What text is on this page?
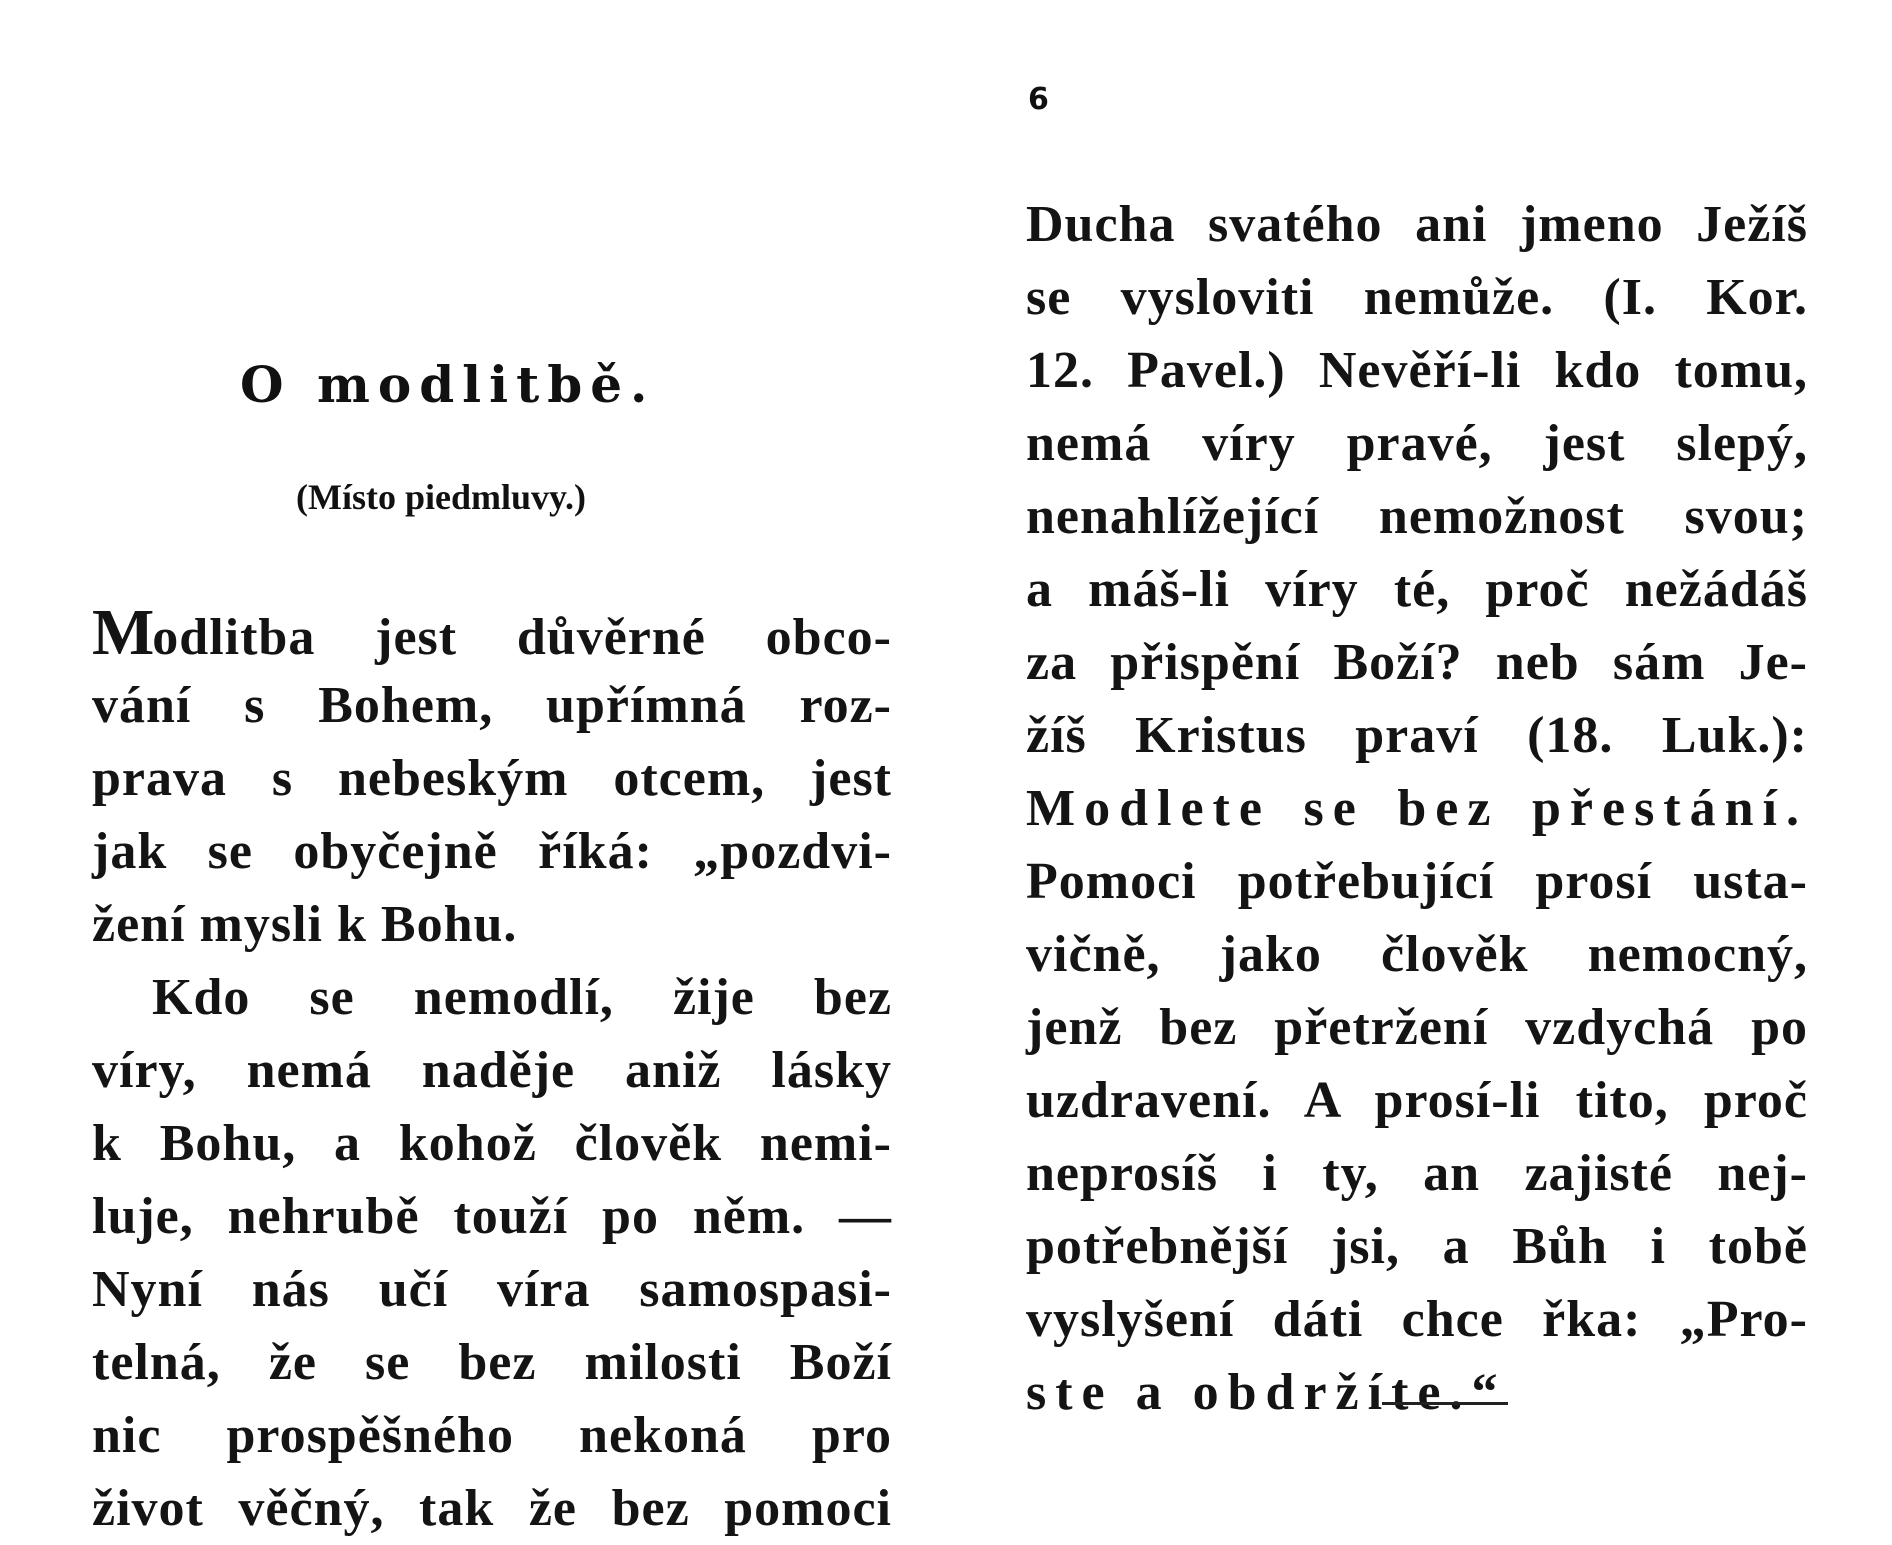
O modlitbě.
(Místo piedmluvy.)
Modlitba jest důvěrné obco-
vání s Bohem, upřímná roz-
prava s nebeským otcem, jest
jak se obyčejně říká: „pozdvi-
žení mysli k Bohu.
Kdo se nemodlí, žije bez
víry, nemá naděje aniž lásky
k Bohu, a kohož člověk nemi-
luje, nehrubě touží po něm. —
Nyní nás učí víra samospasi-
telná, že se bez milosti Boží
nic prospěšného nekoná pro
život věčný, tak že bez pomoci
6
Ducha svatého ani jmeno Ježíš
se vysloviti nemůže. (I. Kor.
12. Pavel.) Nevěří-li kdo tomu,
nemá víry pravé, jest slepý,
nenahlížející nemožnost svou;
a máš-li víry té, proč nežádáš
za přispění Boží? neb sám Je-
žíš Kristus praví (18. Luk.):
Modlete se bez přestání.
Pomoci potřebující prosí usta-
vičně, jako člověk nemocný,
jenž bez přetržení vzdychá po
uzdravení. A prosí-li tito, proč
neprosíš i ty, an zajisté nej-
potřebnější jsi, a Bůh i tobě
vyslyšení dáti chce řka: „Pro-
ste a obdržíte.“
